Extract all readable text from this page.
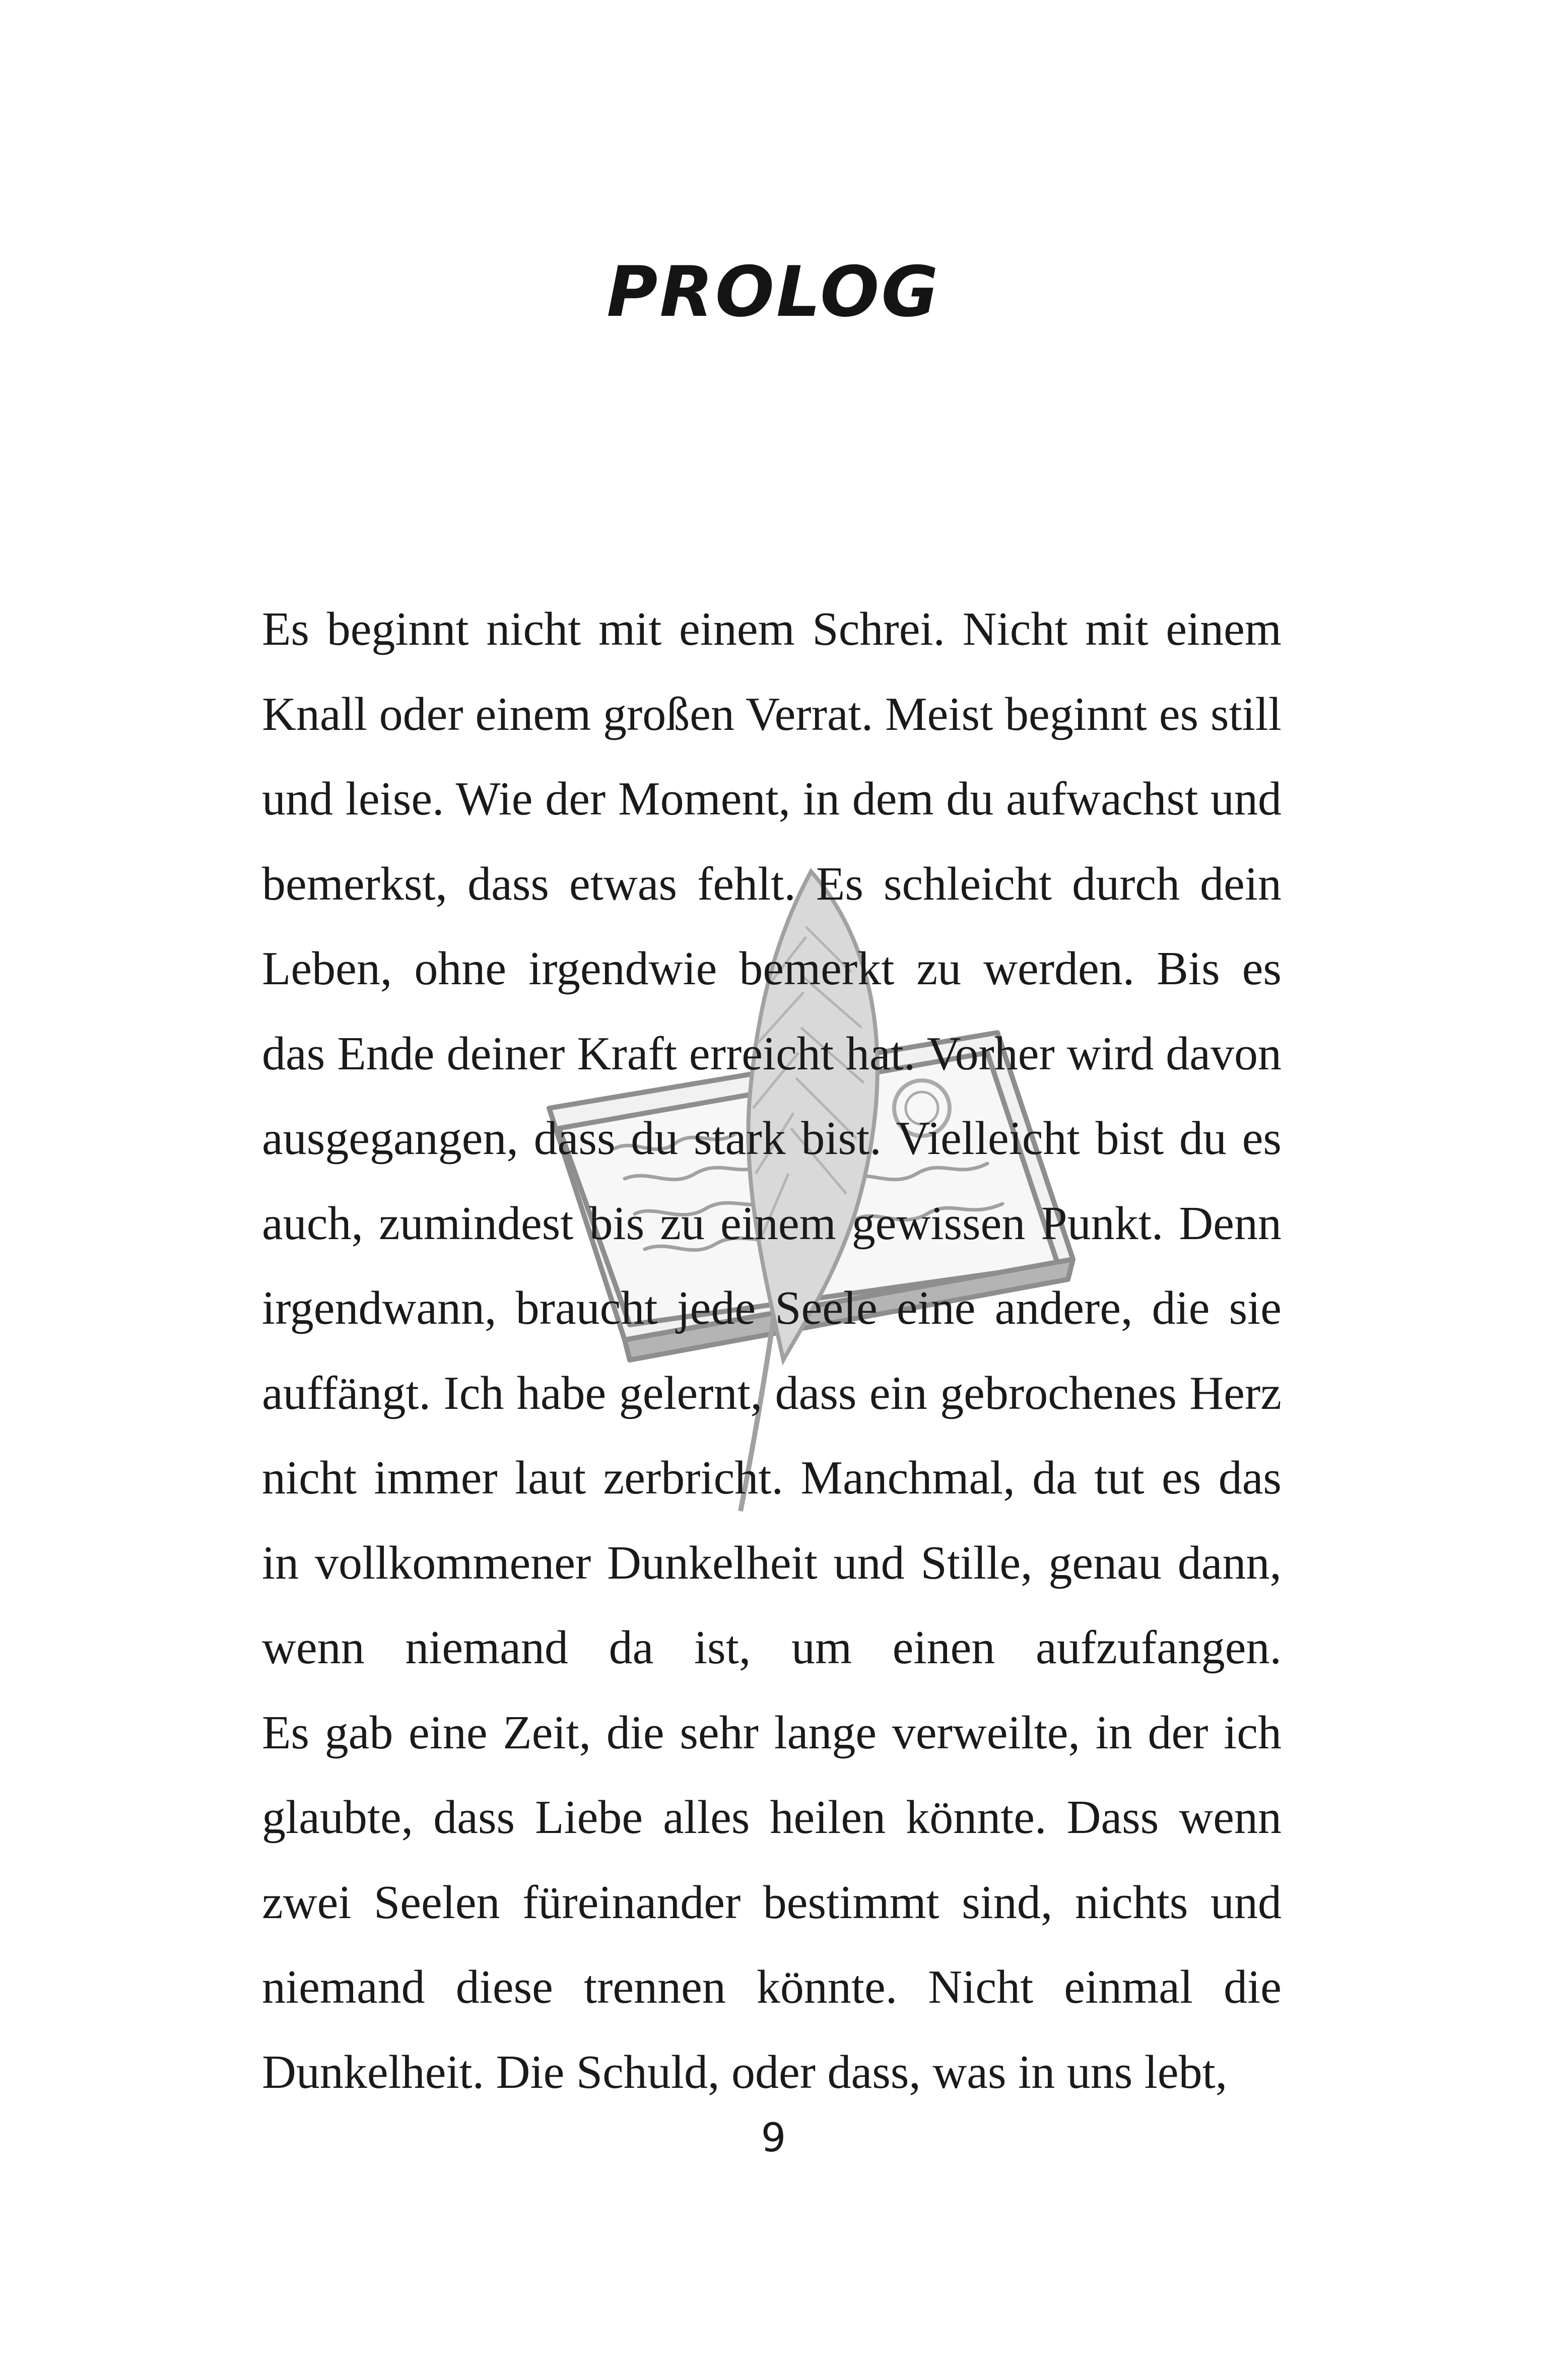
PROLOG

Es beginnt nicht mit einem Schrei. Nicht mit einem Knall oder einem großen Verrat. Meist beginnt es still und leise. Wie der Moment, in dem du aufwachst und bemerkst, dass etwas fehlt. Es schleicht durch dein Leben, ohne irgendwie bemerkt zu werden. Bis es das Ende deiner Kraft erreicht hat. Vorher wird davon ausgegangen, dass du stark bist. Vielleicht bist du es auch, zumindest bis zu einem gewissen Punkt. Denn irgendwann, braucht jede Seele eine andere, die sie auffängt. Ich habe gelernt, dass ein gebrochenes Herz nicht immer laut zerbricht. Manchmal, da tut es das in vollkommener Dunkelheit und Stille, genau dann, wenn niemand da ist, um einen aufzufangen.

Es gab eine Zeit, die sehr lange verweilte, in der ich glaubte, dass Liebe alles heilen könnte. Dass wenn zwei Seelen füreinander bestimmt sind, nichts und niemand diese trennen könnte. Nicht einmal die Dunkelheit. Die Schuld, oder dass, was in uns lebt,

9
